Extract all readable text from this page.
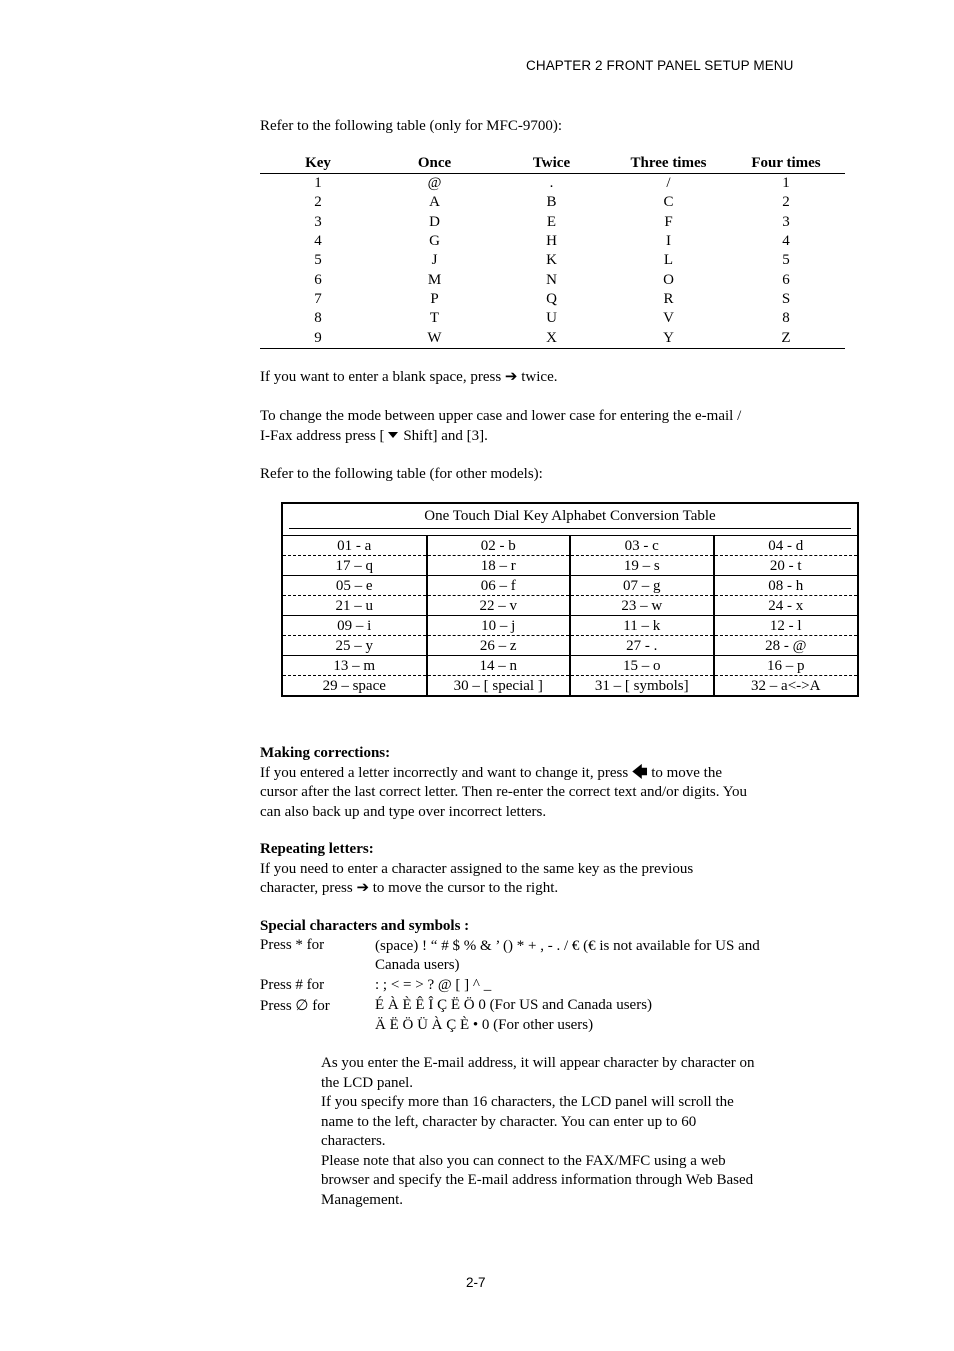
CHAPTER 2 FRONT PANEL SETUP MENU

Refer to the following table (only for MFC-9700):

Key	Once	Twice	Three times	Four times
1	@	.	/	1
2	A	B	C	2
3	D	E	F	3
4	G	H	I	4
5	J	K	L	5
6	M	N	O	6
7	P	Q	R	S
8	T	U	V	8
9	W	X	Y	Z

If you want to enter a blank space, press ➔ twice.

To change the mode between upper case and lower case for entering the e-mail /
I-Fax address press [ Shift] and [3].

Refer to the following table (for other models):

One Touch Dial Key Alphabet Conversion Table
01 - a	02 - b	03 - c	04 - d
17 – q	18 – r	19 – s	20 - t
05 – e	06 – f	07 – g	08 - h
21 – u	22 – v	23 – w	24 - x
09 – i	10 – j	11 – k	12 - l
25 – y	26 – z	27 - .	28 - @
13 – m	14 – n	15 – o	16 – p
29 – space	30 – [ special ]	31 – [ symbols]	32 – a<->A

Making corrections:

If you entered a letter incorrectly and want to change it, press 🡄 to move the

cursor after the last correct letter. Then re-enter the correct text and/or digits. You

can also back up and type over incorrect letters.

Repeating letters:

If you need to enter a character assigned to the same key as the previous

character, press ➔ to move the cursor to the right.

Special characters and symbols :

Press * for	(space) ! “ # $ % & ’ () * + , - . / € (€ is not available for US and
Canada users)
Press # for	: ; < = > ? @ [ ] ^ _
Press ∅ for	É À È Ê Î Ç Ë Ö 0 (For US and Canada users)
Ä Ë Ö Ü À Ç È • 0 (For other users)

As you enter the E-mail address, it will appear character by character on

the LCD panel.

If you specify more than 16 characters, the LCD panel will scroll the

name to the left, character by character. You can enter up to 60

characters.

Please note that also you can connect to the FAX/MFC using a web

browser and specify the E-mail address information through Web Based

Management.

2-7
